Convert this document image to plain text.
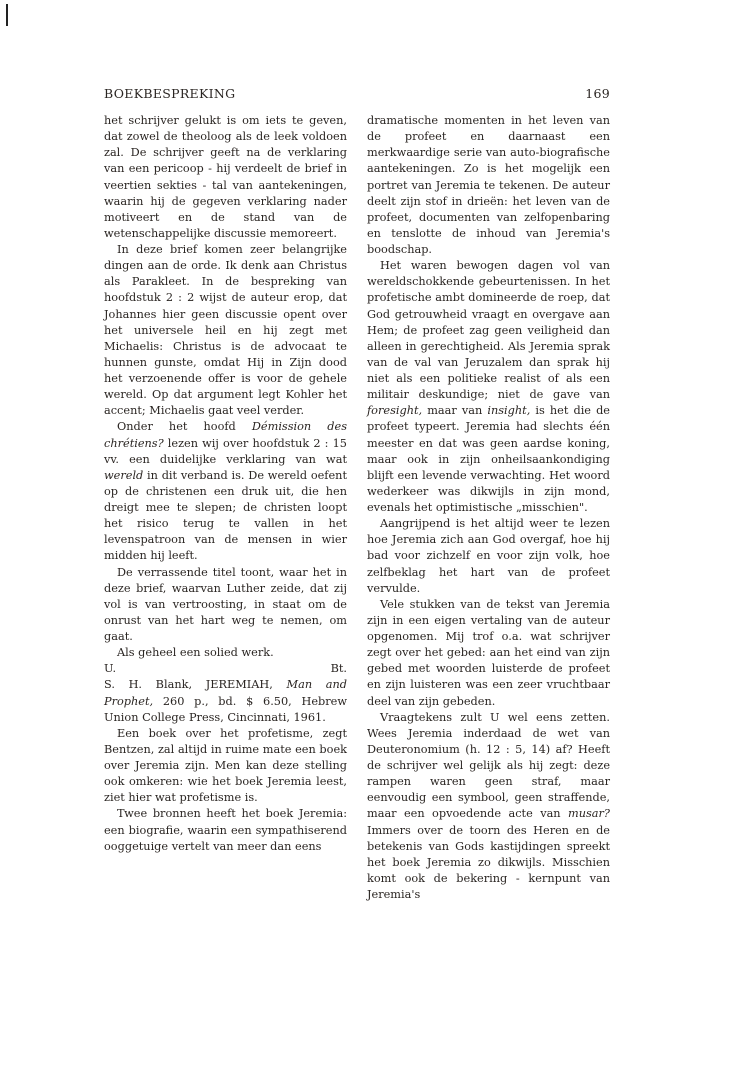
BOEKBESPREKING	169

het schrijver gelukt is om iets te geven, dat zowel de theoloog als de leek voldoen zal. De schrijver geeft na de verklaring van een pericoop - hij verdeelt de brief in veertien sekties - tal van aantekeningen, waarin hij de gegeven verklaring nader motiveert en de stand van de wetenschappelijke discussie memoreert.

In deze brief komen zeer belangrijke dingen aan de orde. Ik denk aan Christus als Parakleet. In de bespreking van hoofdstuk 2 : 2 wijst de auteur erop, dat Johannes hier geen discussie opent over het universele heil en hij zegt met Michaelis: Christus is de advocaat te hunnen gunste, omdat Hij in Zijn dood het verzoenende offer is voor de gehele wereld. Op dat argument legt Kohler het accent; Michaelis gaat veel verder.

Onder het hoofd Démission des chrétiens? lezen wij over hoofdstuk 2 : 15 vv. een duidelijke verklaring van wat wereld in dit verband is. De wereld oefent op de christenen een druk uit, die hen dreigt mee te slepen; de christen loopt het risico terug te vallen in het levenspatroon van de mensen in wier midden hij leeft.

De verrassende titel toont, waar het in deze brief, waarvan Luther zeide, dat zij vol is van vertroosting, in staat om de onrust van het hart weg te nemen, om gaat.

Als geheel een solied werk.

U.	Bt.

S. H. Blank, JEREMIAH, Man and Prophet, 260 p., bd. $ 6.50, Hebrew Union College Press, Cincinnati, 1961.

Een boek over het profetisme, zegt Bentzen, zal altijd in ruime mate een boek over Jeremia zijn. Men kan deze stelling ook omkeren: wie het boek Jeremia leest, ziet hier wat profetisme is.

Twee bronnen heeft het boek Jeremia: een biografie, waarin een sympathiserend ooggetuige vertelt van meer dan eens

dramatische momenten in het leven van de profeet en daarnaast een merkwaardige serie van auto-biografische aantekeningen. Zo is het mogelijk een portret van Jeremia te tekenen. De auteur deelt zijn stof in drieën: het leven van de profeet, documenten van zelfopenbaring en tenslotte de inhoud van Jeremia's boodschap.

Het waren bewogen dagen vol van wereldschokkende gebeurtenissen. In het profetische ambt domineerde de roep, dat God getrouwheid vraagt en overgave aan Hem; de profeet zag geen veiligheid dan alleen in gerechtigheid. Als Jeremia sprak van de val van Jeruzalem dan sprak hij niet als een politieke realist of als een militair deskundige; niet de gave van foresight, maar van insight, is het die de profeet typeert. Jeremia had slechts één meester en dat was geen aardse koning, maar ook in zijn onheilsaankondiging blijft een levende verwachting. Het woord wederkeer was dikwijls in zijn mond, evenals het optimistische „misschien".

Aangrijpend is het altijd weer te lezen hoe Jeremia zich aan God overgaf, hoe hij bad voor zichzelf en voor zijn volk, hoe zelfbeklag het hart van de profeet vervulde.

Vele stukken van de tekst van Jeremia zijn in een eigen vertaling van de auteur opgenomen. Mij trof o.a. wat schrijver zegt over het gebed: aan het eind van zijn gebed met woorden luisterde de profeet en zijn luisteren was een zeer vruchtbaar deel van zijn gebeden.

Vraagtekens zult U wel eens zetten. Wees Jeremia inderdaad de wet van Deuteronomium (h. 12 : 5, 14) af? Heeft de schrijver wel gelijk als hij zegt: deze rampen waren geen straf, maar eenvoudig een symbool, geen straffende, maar een opvoedende acte van musar? Immers over de toorn des Heren en de betekenis van Gods kastijdingen spreekt het boek Jeremia zo dikwijls. Misschien komt ook de bekering - kernpunt van Jeremia's
